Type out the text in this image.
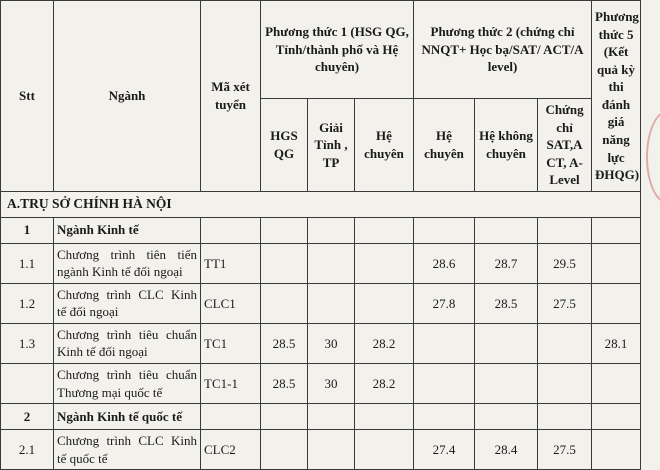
Stt	Ngành	Mã xét tuyển	Phương thức 1 (HSG QG, Tỉnh/thành phố và Hệ chuyên)			Phương thức 2 (chứng chỉ NNQT+ Học bạ/SAT/ ACT/A level)			Phương thức 5 (Kết quả kỳ thi đánh giá năng lực ĐHQG)
			HGS QG	Giải Tỉnh , TP	Hệ chuyên	Hệ chuyên	Hệ không chuyên	Chứng chỉ SAT,A CT, A-Level	
A.TRỤ SỞ CHÍNH HÀ NỘI									
1	Ngành Kinh tế								
1.1	Chương trình tiên tiến ngành Kinh tế đối ngoại	TT1				28.6	28.7	29.5	
1.2	Chương trình CLC Kinh tế đối ngoại	CLC1				27.8	28.5	27.5	
1.3	Chương trình tiêu chuẩn Kinh tế đối ngoại	TC1	28.5	30	28.2				28.1
	Chương trình tiêu chuẩn Thương mại quốc tế	TC1-1	28.5	30	28.2				
2	Ngành Kinh tế quốc tế								
2.1	Chương trình CLC Kinh tế quốc tế	CLC2				27.4	28.4	27.5	
